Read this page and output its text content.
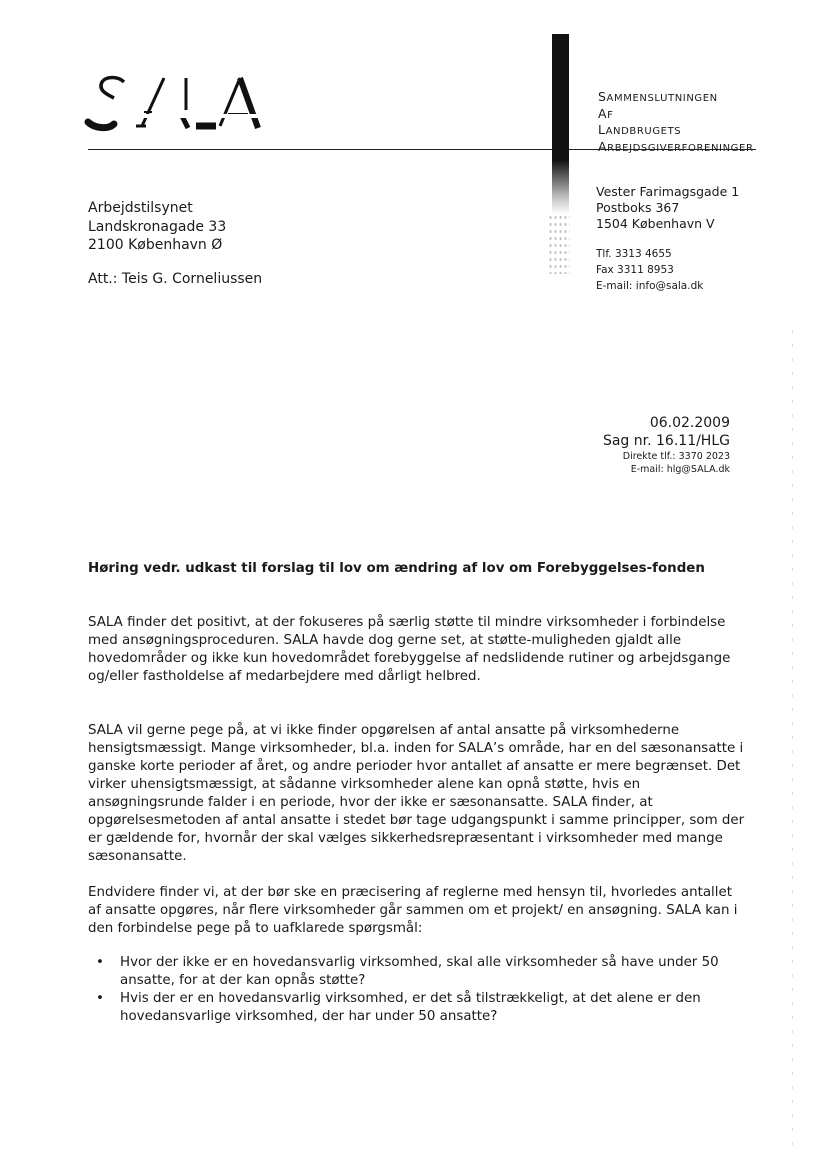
SAMMENSLUTNINGEN
AF
LANDBRUGETS
ARBEJDSGIVERFORENINGER
Vester Farimagsgade 1
Postboks 367
1504 København V
Tlf. 3313 4655
Fax 3311 8953
E-mail: info@sala.dk
Arbejdstilsynet
Landskronagade 33
2100 København Ø
Att.: Teis G. Corneliussen
06.02.2009
Sag nr. 16.11/HLG
Direkte tlf.: 3370 2023
E-mail: hlg@SALA.dk
Høring vedr. udkast til forslag til lov om ændring af lov om Forebyggelses-fonden
SALA finder det positivt, at der fokuseres på særlig støtte til mindre virksomheder i forbindelse med ansøgningsproceduren. SALA havde dog gerne set, at støtte-muligheden gjaldt alle hovedområder og ikke kun hovedområdet forebyggelse af nedslidende rutiner og arbejdsgange og/eller fastholdelse af medarbejdere med dårligt helbred.
SALA vil gerne pege på, at vi ikke finder opgørelsen af antal ansatte på virksomhederne hensigtsmæssigt. Mange virksomheder, bl.a. inden for SALA’s område, har en del sæsonansatte i ganske korte perioder af året, og andre perioder hvor antallet af ansatte er mere begrænset. Det virker uhensigtsmæssigt, at sådanne virksomheder alene kan opnå støtte, hvis en ansøgningsrunde falder i en periode, hvor der ikke er sæsonansatte. SALA finder, at opgørelsesmetoden af antal ansatte i stedet bør tage udgangspunkt i samme principper, som der er gældende for, hvornår der skal vælges sikkerhedsrepræsentant i virksomheder med mange sæsonansatte.
Endvidere finder vi, at der bør ske en præcisering af reglerne med hensyn til, hvorledes antallet af ansatte opgøres, når flere virksomheder går sammen om et projekt/ en ansøgning. SALA kan i den forbindelse pege på to uafklarede spørgsmål:
• Hvor der ikke er en hovedansvarlig virksomhed, skal alle virksomheder så have under 50 ansatte, for at der kan opnås støtte?
• Hvis der er en hovedansvarlig virksomhed, er det så tilstrækkeligt, at det alene er den hovedansvarlige virksomhed, der har under 50 ansatte?
